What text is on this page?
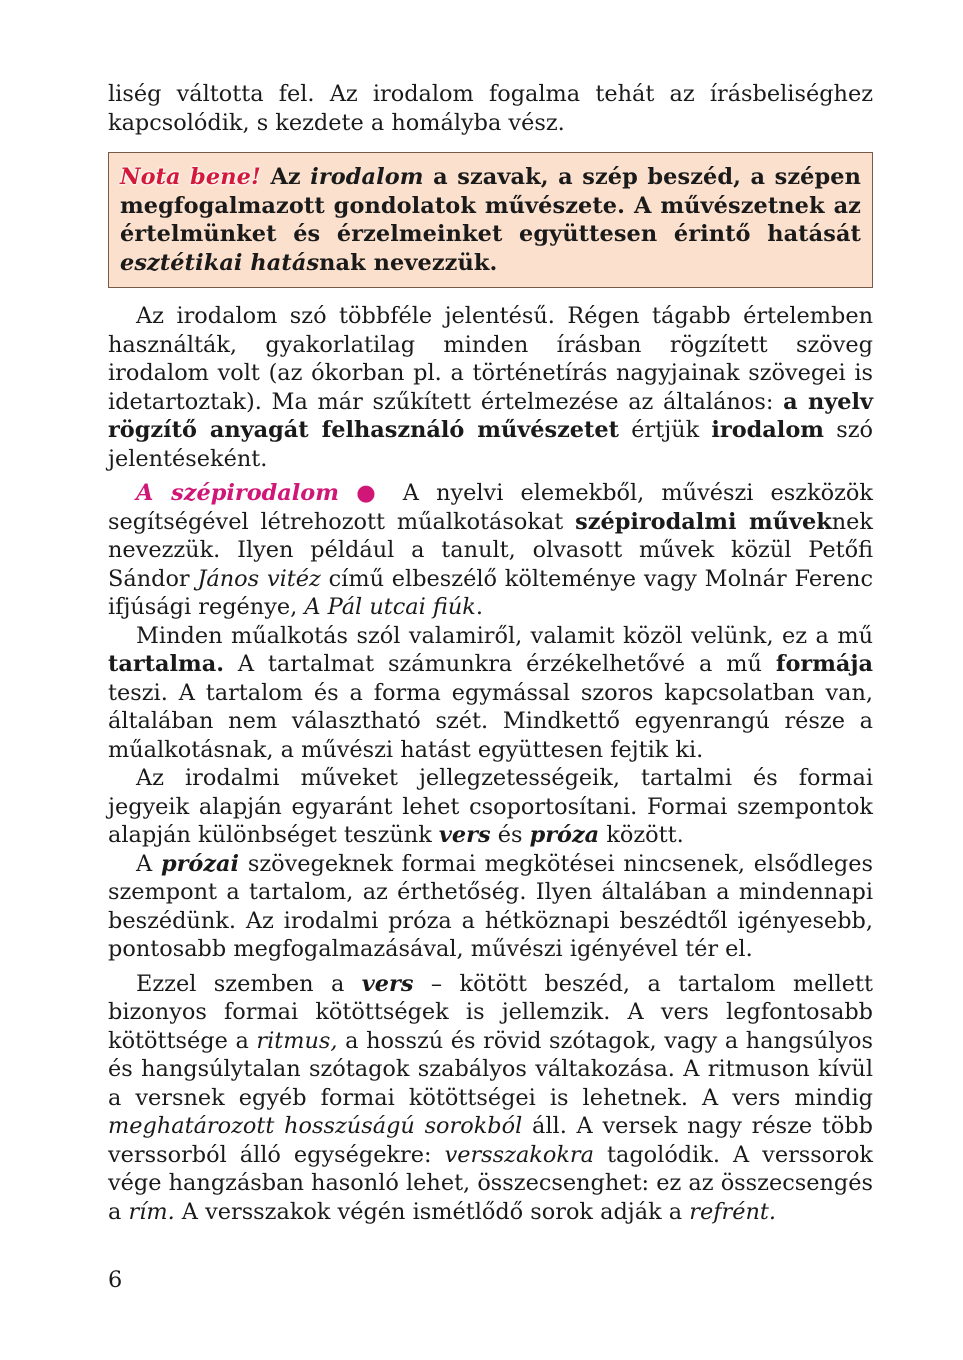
liség váltotta fel. Az irodalom fogalma tehát az írásbeliséghez kapcsolódik, s kezdete a homályba vész.

Nota bene! Az irodalom a szavak, a szép beszéd, a szépen megfogalmazott gondolatok művészete. A művészetnek az értelmünket és érzelmeinket együttesen érintő hatását esztétikai hatásnak nevezzük.

Az irodalom szó többféle jelentésű. Régen tágabb értelemben használták, gyakorlatilag minden írásban rögzített szöveg irodalom volt (az ókorban pl. a történetírás nagyjainak szövegei is idetartoztak). Ma már szűkített értelmezése az általános: a nyelv rögzítő anyagát felhasználó művészetet értjük irodalom szó jelentéseként.

A szépirodalom ● A nyelvi elemekből, művészi eszközök segítségével létrehozott műalkotásokat szépirodalmi műveknek nevezzük. Ilyen például a tanult, olvasott művek közül Petőfi Sándor János vitéz című elbeszélő költeménye vagy Molnár Ferenc ifjúsági regénye, A Pál utcai fiúk.

Minden műalkotás szól valamiről, valamit közöl velünk, ez a mű tartalma. A tartalmat számunkra érzékelhetővé a mű formája teszi. A tartalom és a forma egymással szoros kapcsolatban van, általában nem választható szét. Mindkettő egyenrangú része a műalkotásnak, a művészi hatást együttesen fejtik ki.

Az irodalmi műveket jellegzetességeik, tartalmi és formai jegyeik alapján egyaránt lehet csoportosítani. Formai szempontok alapján különbséget teszünk vers és próza között.

A prózai szövegeknek formai megkötései nincsenek, elsődleges szempont a tartalom, az érthetőség. Ilyen általában a mindennapi beszédünk. Az irodalmi próza a hétköznapi beszédtől igényesebb, pontosabb megfogalmazásával, művészi igényével tér el.

Ezzel szemben a vers – kötött beszéd, a tartalom mellett bizonyos formai kötöttségek is jellemzik. A vers legfontosabb kötöttsége a ritmus, a hosszú és rövid szótagok, vagy a hangsúlyos és hangsúlytalan szótagok szabályos váltakozása. A ritmuson kívül a versnek egyéb formai kötöttségei is lehetnek. A vers mindig meghatározott hosszúságú sorokból áll. A versek nagy része több verssorból álló egységekre: versszakokra tagolódik. A verssorok vége hangzásban hasonló lehet, összecsenghet: ez az összecsengés a rím. A versszakok végén ismétlődő sorok adják a refrént.

6
